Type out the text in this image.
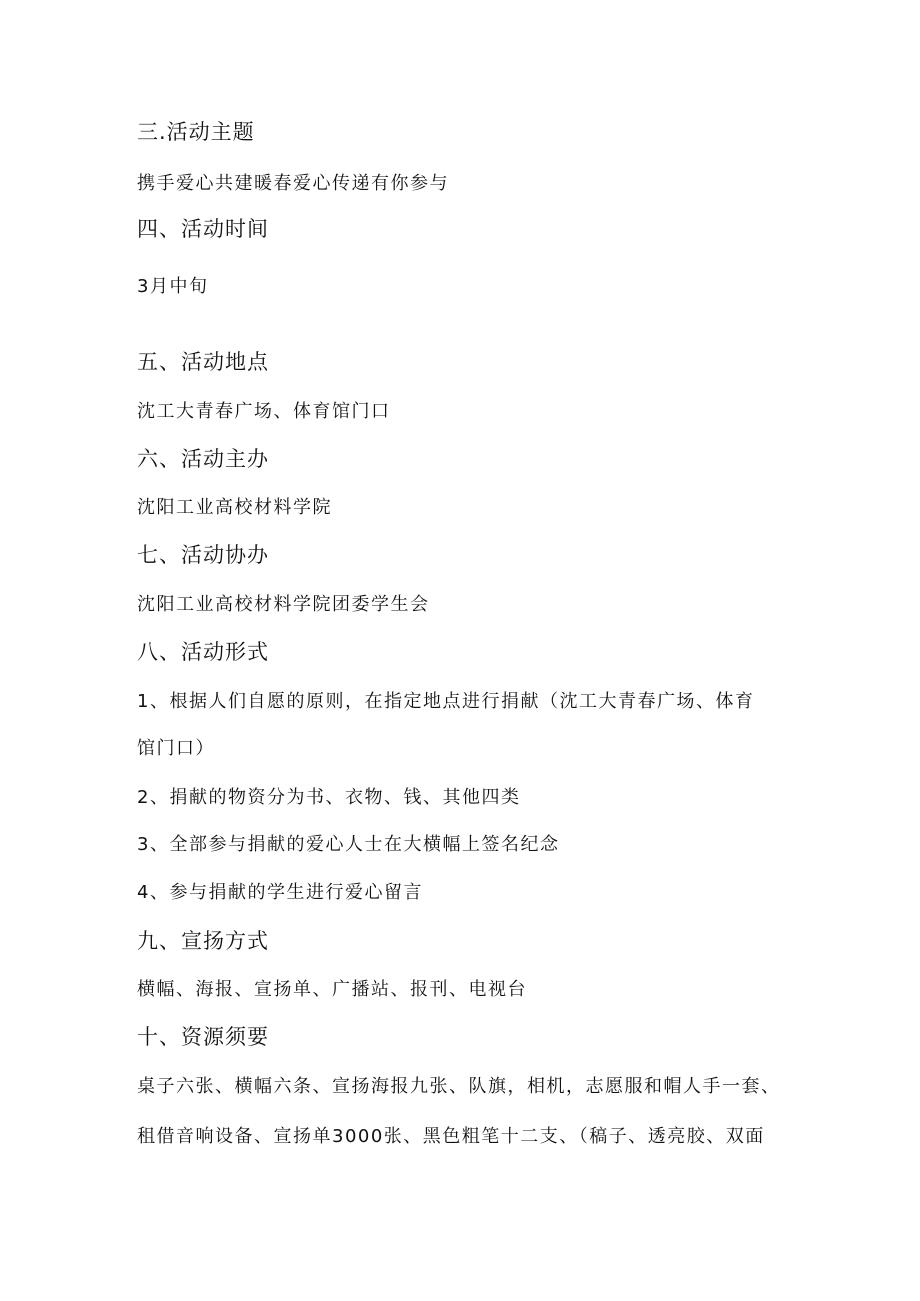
三.活动主题
携手爱心共建暖春爱心传递有你参与
四、活动时间
3月中旬
五、活动地点
沈工大青春广场、体育馆门口
六、活动主办
沈阳工业高校材料学院
七、活动协办
沈阳工业高校材料学院团委学生会
八、活动形式
1、根据人们自愿的原则，在指定地点进行捐献（沈工大青春广场、体育
馆门口）
2、捐献的物资分为书、衣物、钱、其他四类
3、全部参与捐献的爱心人士在大横幅上签名纪念
4、参与捐献的学生进行爱心留言
九、宣扬方式
横幅、海报、宣扬单、广播站、报刊、电视台
十、资源须要
桌子六张、横幅六条、宣扬海报九张、队旗，相机，志愿服和帽人手一套、
租借音响设备、宣扬单3000张、黑色粗笔十二支、（稿子、透亮胶、双面
